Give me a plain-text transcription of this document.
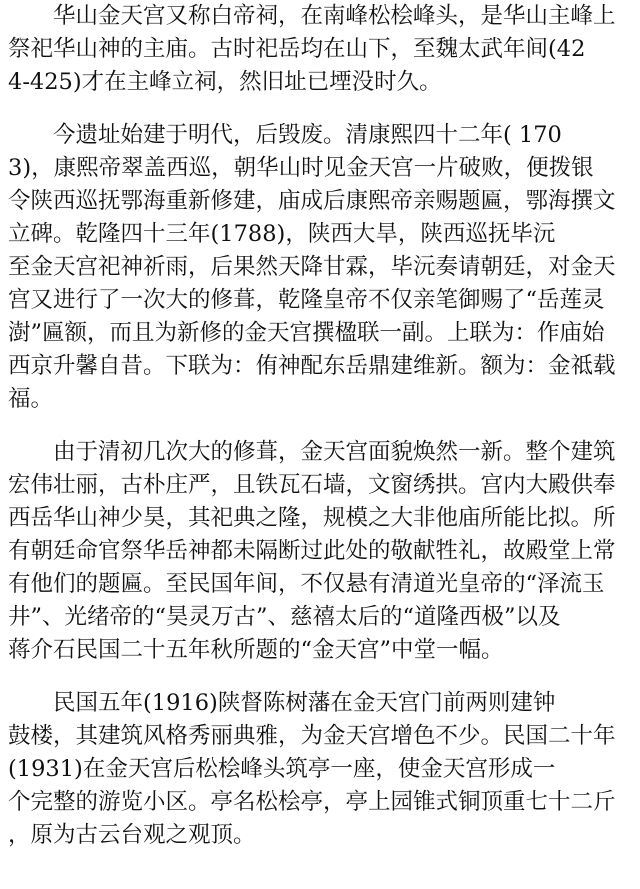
　　华山金天宫又称白帝祠，在南峰松桧峰头，是华山主峰上
祭祀华山神的主庙。古时祀岳均在山下，至魏太武年间(42
4-425)才在主峰立祠，然旧址已堙没时久。
　　今遗址始建于明代，后毁废。清康熙四十二年( 170
3)，康熙帝翠盖西巡，朝华山时见金天宫一片破败，便拨银
令陕西巡抚鄂海重新修建，庙成后康熙帝亲赐题匾，鄂海撰文
立碑。乾隆四十三年(1788)，陕西大旱，陕西巡抚毕沅
至金天宫祀神祈雨，后果然天降甘霖，毕沅奏请朝廷，对金天
宫又进行了一次大的修葺，乾隆皇帝不仅亲笔御赐了“岳莲灵
澍”匾额，而且为新修的金天宫撰楹联一副。上联为：作庙始
西京升馨自昔。下联为：侑神配东岳鼎建维新。额为：金祗载
福。
　　由于清初几次大的修葺，金天宫面貌焕然一新。整个建筑
宏伟壮丽，古朴庄严，且铁瓦石墙，文窗绣拱。宫内大殿供奉
西岳华山神少昊，其祀典之隆，规模之大非他庙所能比拟。所
有朝廷命官祭华岳神都未隔断过此处的敬献牲礼，故殿堂上常
有他们的题匾。至民国年间，不仅悬有清道光皇帝的“泽流玉
井”、光绪帝的“昊灵万古”、慈禧太后的“道隆西极”以及
蒋介石民国二十五年秋所题的“金天宫”中堂一幅。
　　民国五年(1916)陕督陈树藩在金天宫门前两则建钟
鼓楼，其建筑风格秀丽典雅，为金天宫增色不少。民国二十年
(1931)在金天宫后松桧峰头筑亭一座，使金天宫形成一
个完整的游览小区。亭名松桧亭，亭上园锥式铜顶重七十二斤
，原为古云台观之观顶。
